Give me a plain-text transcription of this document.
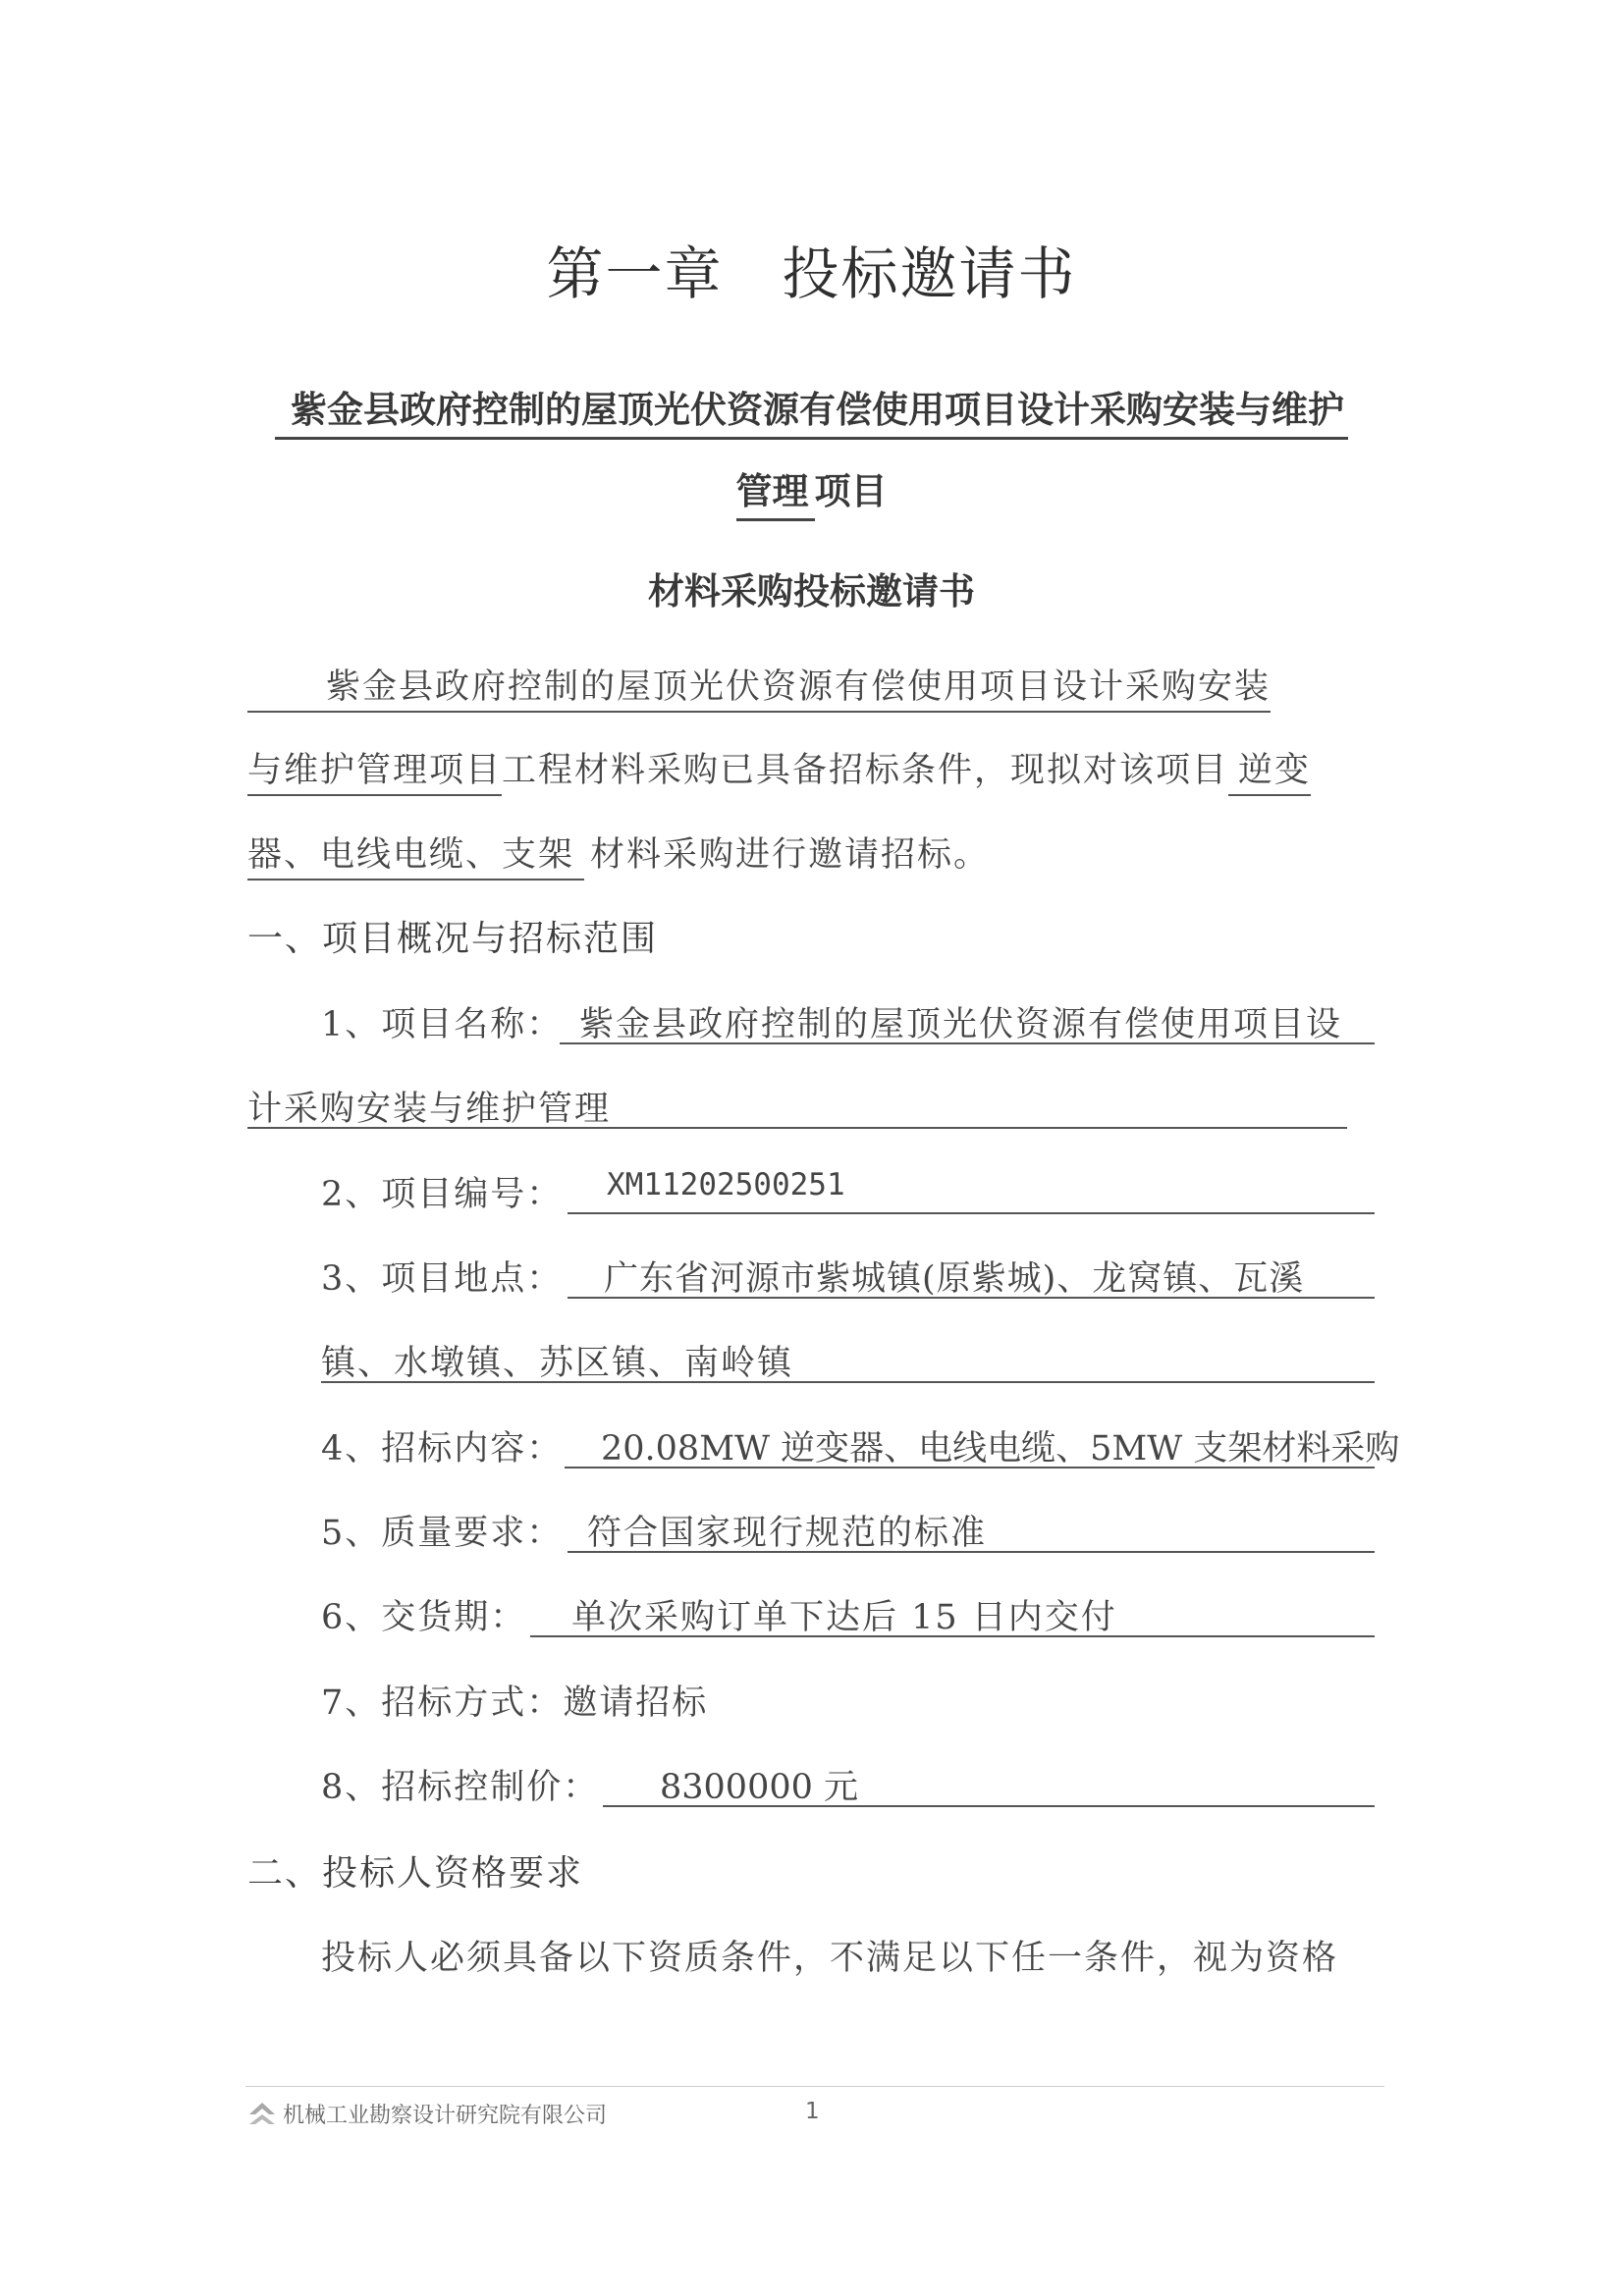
第一章 投标邀请书
紫金县政府控制的屋顶光伏资源有偿使用项目设计采购安装与维护
管理 项目
材料采购投标邀请书
紫金县政府控制的屋顶光伏资源有偿使用项目设计采购安装
与维护管理项目工程材料采购已具备招标条件，现拟对该项目 逆变
器、电线电缆、支架 材料采购进行邀请招标。
一、项目概况与招标范围
1、项目名称： 紫金县政府控制的屋顶光伏资源有偿使用项目设
计采购安装与维护管理
2、项目编号： XM11202500251
3、项目地点： 广东省河源市紫城镇(原紫城)、龙窝镇、瓦溪
镇、水墩镇、苏区镇、南岭镇
4、招标内容： 20.08MW 逆变器、电线电缆、5MW 支架材料采购
5、质量要求： 符合国家现行规范的标准
6、交货期： 单次采购订单下达后 15 日内交付
7、招标方式：邀请招标
8、招标控制价： 8300000 元
二、投标人资格要求
投标人必须具备以下资质条件，不满足以下任一条件，视为资格
机械工业勘察设计研究院有限公司	1
